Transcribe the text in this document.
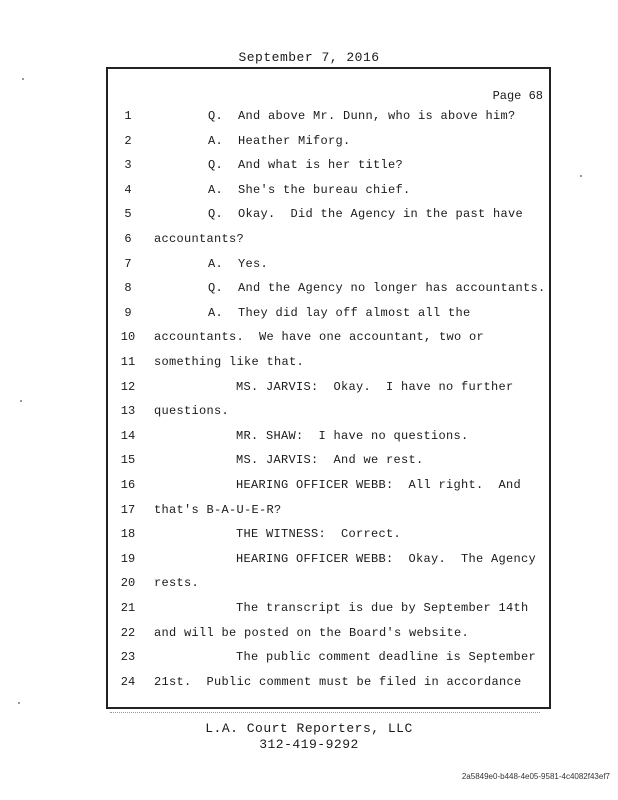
September 7, 2016
Page 68
1	Q.  And above Mr. Dunn, who is above him?
2	A.  Heather Miforg.
3	Q.  And what is her title?
4	A.  She's the bureau chief.
5	Q.  Okay.  Did the Agency in the past have
6	accountants?
7	A.  Yes.
8	Q.  And the Agency no longer has accountants.
9	A.  They did lay off almost all the
10	accountants.  We have one accountant, two or
11	something like that.
12	MS. JARVIS:  Okay.  I have no further
13	questions.
14	MR. SHAW:  I have no questions.
15	MS. JARVIS:  And we rest.
16	HEARING OFFICER WEBB:  All right.  And
17	that's B-A-U-E-R?
18	THE WITNESS:  Correct.
19	HEARING OFFICER WEBB:  Okay.  The Agency
20	rests.
21	The transcript is due by September 14th
22	and will be posted on the Board's website.
23	The public comment deadline is September
24	21st.  Public comment must be filed in accordance
L.A. Court Reporters, LLC
312-419-9292
2a5849e0-b448-4e05-9581-4c4082f43ef7
